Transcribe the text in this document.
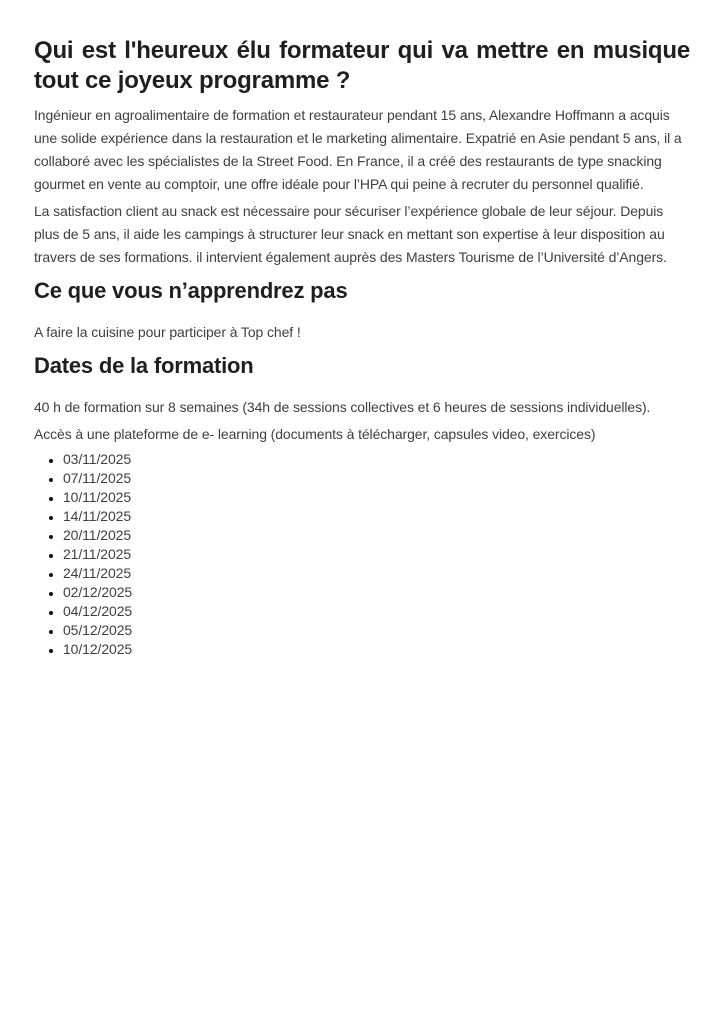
Qui est l'heureux élu formateur qui va mettre en musique
tout ce joyeux programme ?

Ingénieur en agroalimentaire de formation et restaurateur pendant 15 ans, Alexandre Hoffmann a acquis une solide expérience dans la restauration et le marketing alimentaire. Expatrié en Asie pendant 5 ans, il a collaboré avec les spécialistes de la Street Food. En France, il a créé des restaurants de type snacking gourmet en vente au comptoir, une offre idéale pour l’HPA qui peine à recruter du personnel qualifié.

La satisfaction client au snack est nécessaire pour sécuriser l’expérience globale de leur séjour. Depuis plus de 5 ans, il aide les campings à structurer leur snack en mettant son expertise à leur disposition au travers de ses formations. il intervient également auprès des Masters Tourisme de l’Université d’Angers.

Ce que vous n’apprendrez pas

A faire la cuisine pour participer à Top chef !

Dates de la formation

40 h de formation sur 8 semaines (34h de sessions collectives et 6 heures de sessions individuelles).

Accès à une plateforme de e- learning (documents à télécharger, capsules video, exercices)

• 03/11/2025
• 07/11/2025
• 10/11/2025
• 14/11/2025
• 20/11/2025
• 21/11/2025
• 24/11/2025
• 02/12/2025
• 04/12/2025
• 05/12/2025
• 10/12/2025
